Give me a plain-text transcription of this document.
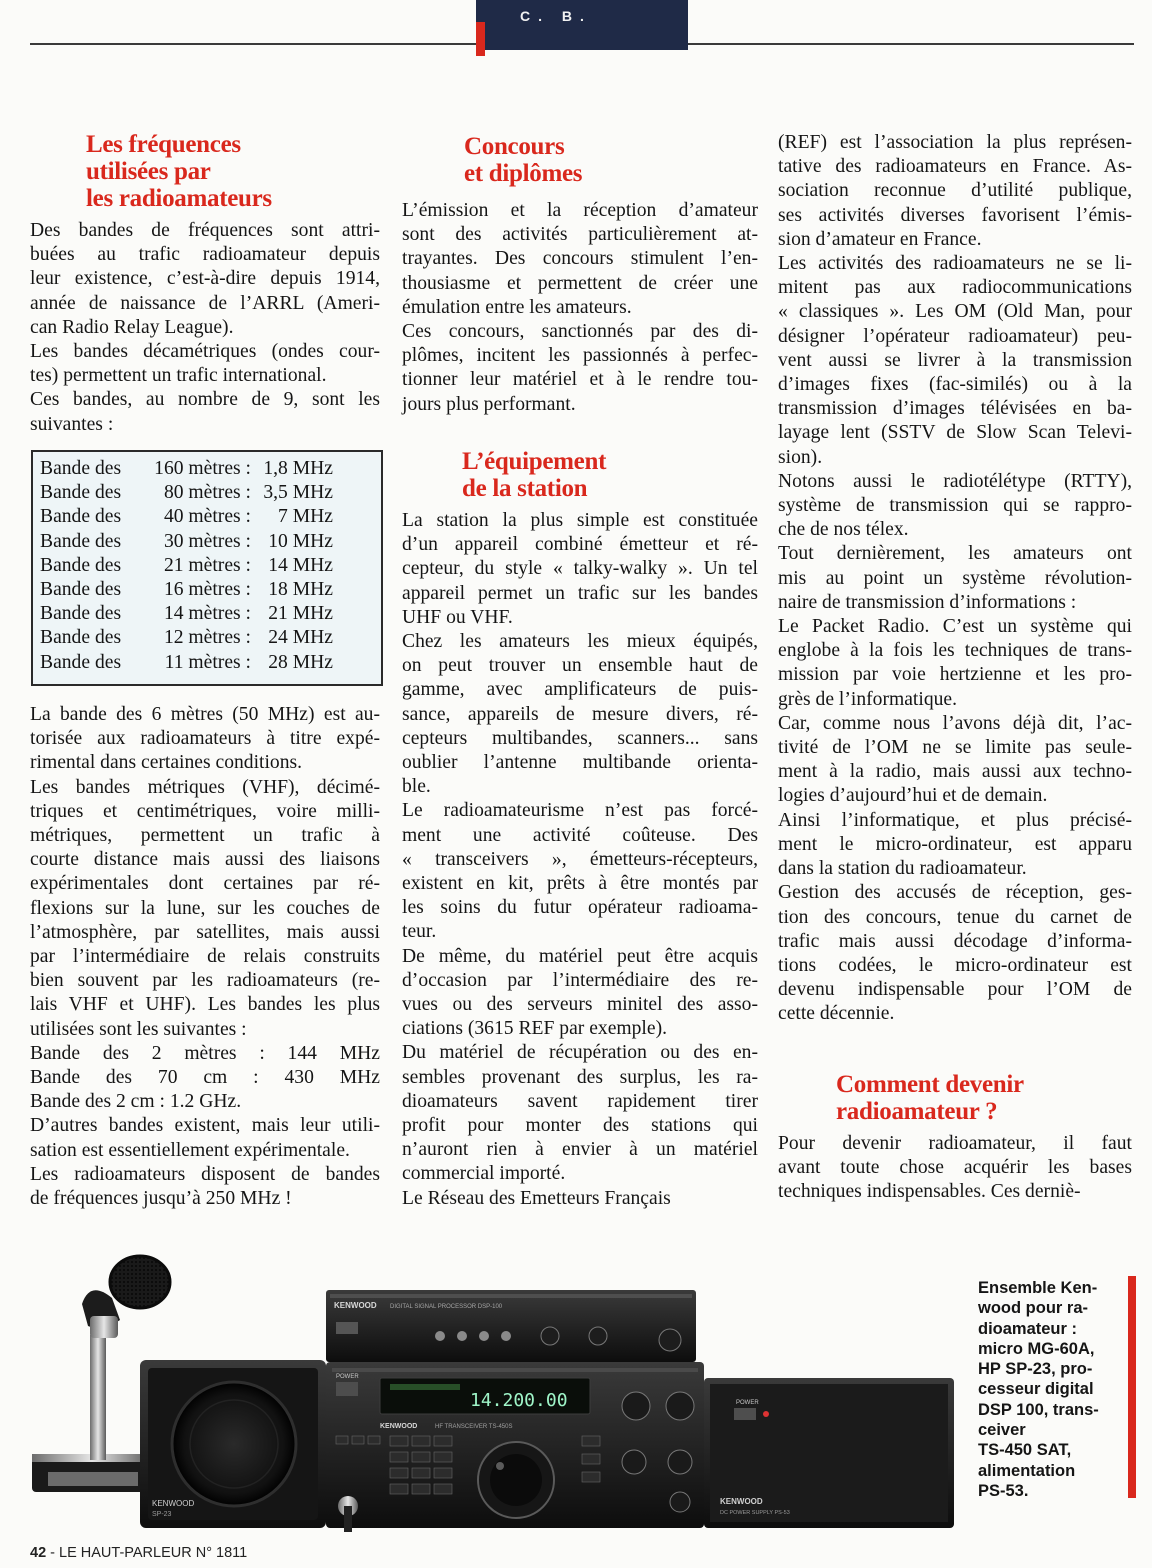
C. B.
Les fréquences
utilisées par
les radioamateurs
Des bandes de fréquences sont attri-
buées au trafic radioamateur depuis
leur existence, c’est-à-dire depuis 1914,
année de naissance de l’ARRL (Ameri-
can Radio Relay League).
Les bandes décamétriques (ondes cour-
tes) permettent un trafic international.
Ces bandes, au nombre de 9, sont les
suivantes :
Bande des 160 mètres : 1,8 MHz
Bande des 80 mètres : 3,5 MHz
Bande des 40 mètres : 7 MHz
Bande des 30 mètres : 10 MHz
Bande des 21 mètres : 14 MHz
Bande des 16 mètres : 18 MHz
Bande des 14 mètres : 21 MHz
Bande des 12 mètres : 24 MHz
Bande des 11 mètres : 28 MHz
La bande des 6 mètres (50 MHz) est au-
torisée aux radioamateurs à titre expé-
rimental dans certaines conditions.
Les bandes métriques (VHF), décimé-
triques et centimétriques, voire milli-
métriques, permettent un trafic à
courte distance mais aussi des liaisons
expérimentales dont certaines par ré-
flexions sur la lune, sur les couches de
l’atmosphère, par satellites, mais aussi
par l’intermédiaire de relais construits
bien souvent par les radioamateurs (re-
lais VHF et UHF). Les bandes les plus
utilisées sont les suivantes :
Bande des 2 mètres : 144 MHz
Bande des 70 cm : 430 MHz
Bande des 2 cm : 1.2 GHz.
D’autres bandes existent, mais leur utili-
sation est essentiellement expérimentale.
Les radioamateurs disposent de bandes
de fréquences jusqu’à 250 MHz !
Concours
et diplômes
L’émission et la réception d’amateur
sont des activités particulièrement at-
trayantes. Des concours stimulent l’en-
thousiasme et permettent de créer une
émulation entre les amateurs.
Ces concours, sanctionnés par des di-
plômes, incitent les passionnés à perfec-
tionner leur matériel et à le rendre tou-
jours plus performant.
L’équipement
de la station
La station la plus simple est constituée
d’un appareil combiné émetteur et ré-
cepteur, du style « talky-walky ». Un tel
appareil permet un trafic sur les bandes
UHF ou VHF.
Chez les amateurs les mieux équipés,
on peut trouver un ensemble haut de
gamme, avec amplificateurs de puis-
sance, appareils de mesure divers, ré-
cepteurs multibandes, scanners... sans
oublier l’antenne multibande orienta-
ble.
Le radioamateurisme n’est pas forcé-
ment une activité coûteuse. Des
« transceivers », émetteurs-récepteurs,
existent en kit, prêts à être montés par
les soins du futur opérateur radioama-
teur.
De même, du matériel peut être acquis
d’occasion par l’intermédiaire des re-
vues ou des serveurs minitel des asso-
ciations (3615 REF par exemple).
Du matériel de récupération ou des en-
sembles provenant des surplus, les ra-
dioamateurs savent rapidement tirer
profit pour monter des stations qui
n’auront rien à envier à un matériel
commercial importé.
Le Réseau des Emetteurs Français
(REF) est l’association la plus représen-
tative des radioamateurs en France. As-
sociation reconnue d’utilité publique,
ses activités diverses favorisent l’émis-
sion d’amateur en France.
Les activités des radioamateurs ne se li-
mitent pas aux radiocommunications
« classiques ». Les OM (Old Man, pour
désigner l’opérateur radioamateur) peu-
vent aussi se livrer à la transmission
d’images fixes (fac-similés) ou à la
transmission d’images télévisées en ba-
layage lent (SSTV de Slow Scan Televi-
sion).
Notons aussi le radiotélétype (RTTY),
système de transmission qui se rappro-
che de nos télex.
Tout dernièrement, les amateurs ont
mis au point un système révolution-
naire de transmission d’informations :
Le Packet Radio. C’est un système qui
englobe à la fois les techniques de trans-
mission par voie hertzienne et les pro-
grès de l’informatique.
Car, comme nous l’avons déjà dit, l’ac-
tivité de l’OM ne se limite pas seule-
ment à la radio, mais aussi aux techno-
logies d’aujourd’hui et de demain.
Ainsi l’informatique, et plus précisé-
ment le micro-ordinateur, est apparu
dans la station du radioamateur.
Gestion des accusés de réception, ges-
tion des concours, tenue du carnet de
trafic mais aussi décodage d’informa-
tions codées, le micro-ordinateur est
devenu indispensable pour l’OM de
cette décennie.
Comment devenir
radioamateur ?
Pour devenir radioamateur, il faut
avant toute chose acquérir les bases
techniques indispensables. Ces derniè-
KENWOOD
SP-23
KENWOOD DIGITAL SIGNAL PROCESSOR DSP-100
POWER
14.200.00
KENWOOD	HF TRANSCEIVER TS-450S
POWER
KENWOOD
DC POWER SUPPLY PS-53
Ensemble Ken-
wood pour ra-
dioamateur :
micro MG-60A,
HP SP-23, pro-
cesseur digital
DSP 100, trans-
ceiver
TS-450 SAT,
alimentation
PS-53.
42 - LE HAUT-PARLEUR N° 1811
